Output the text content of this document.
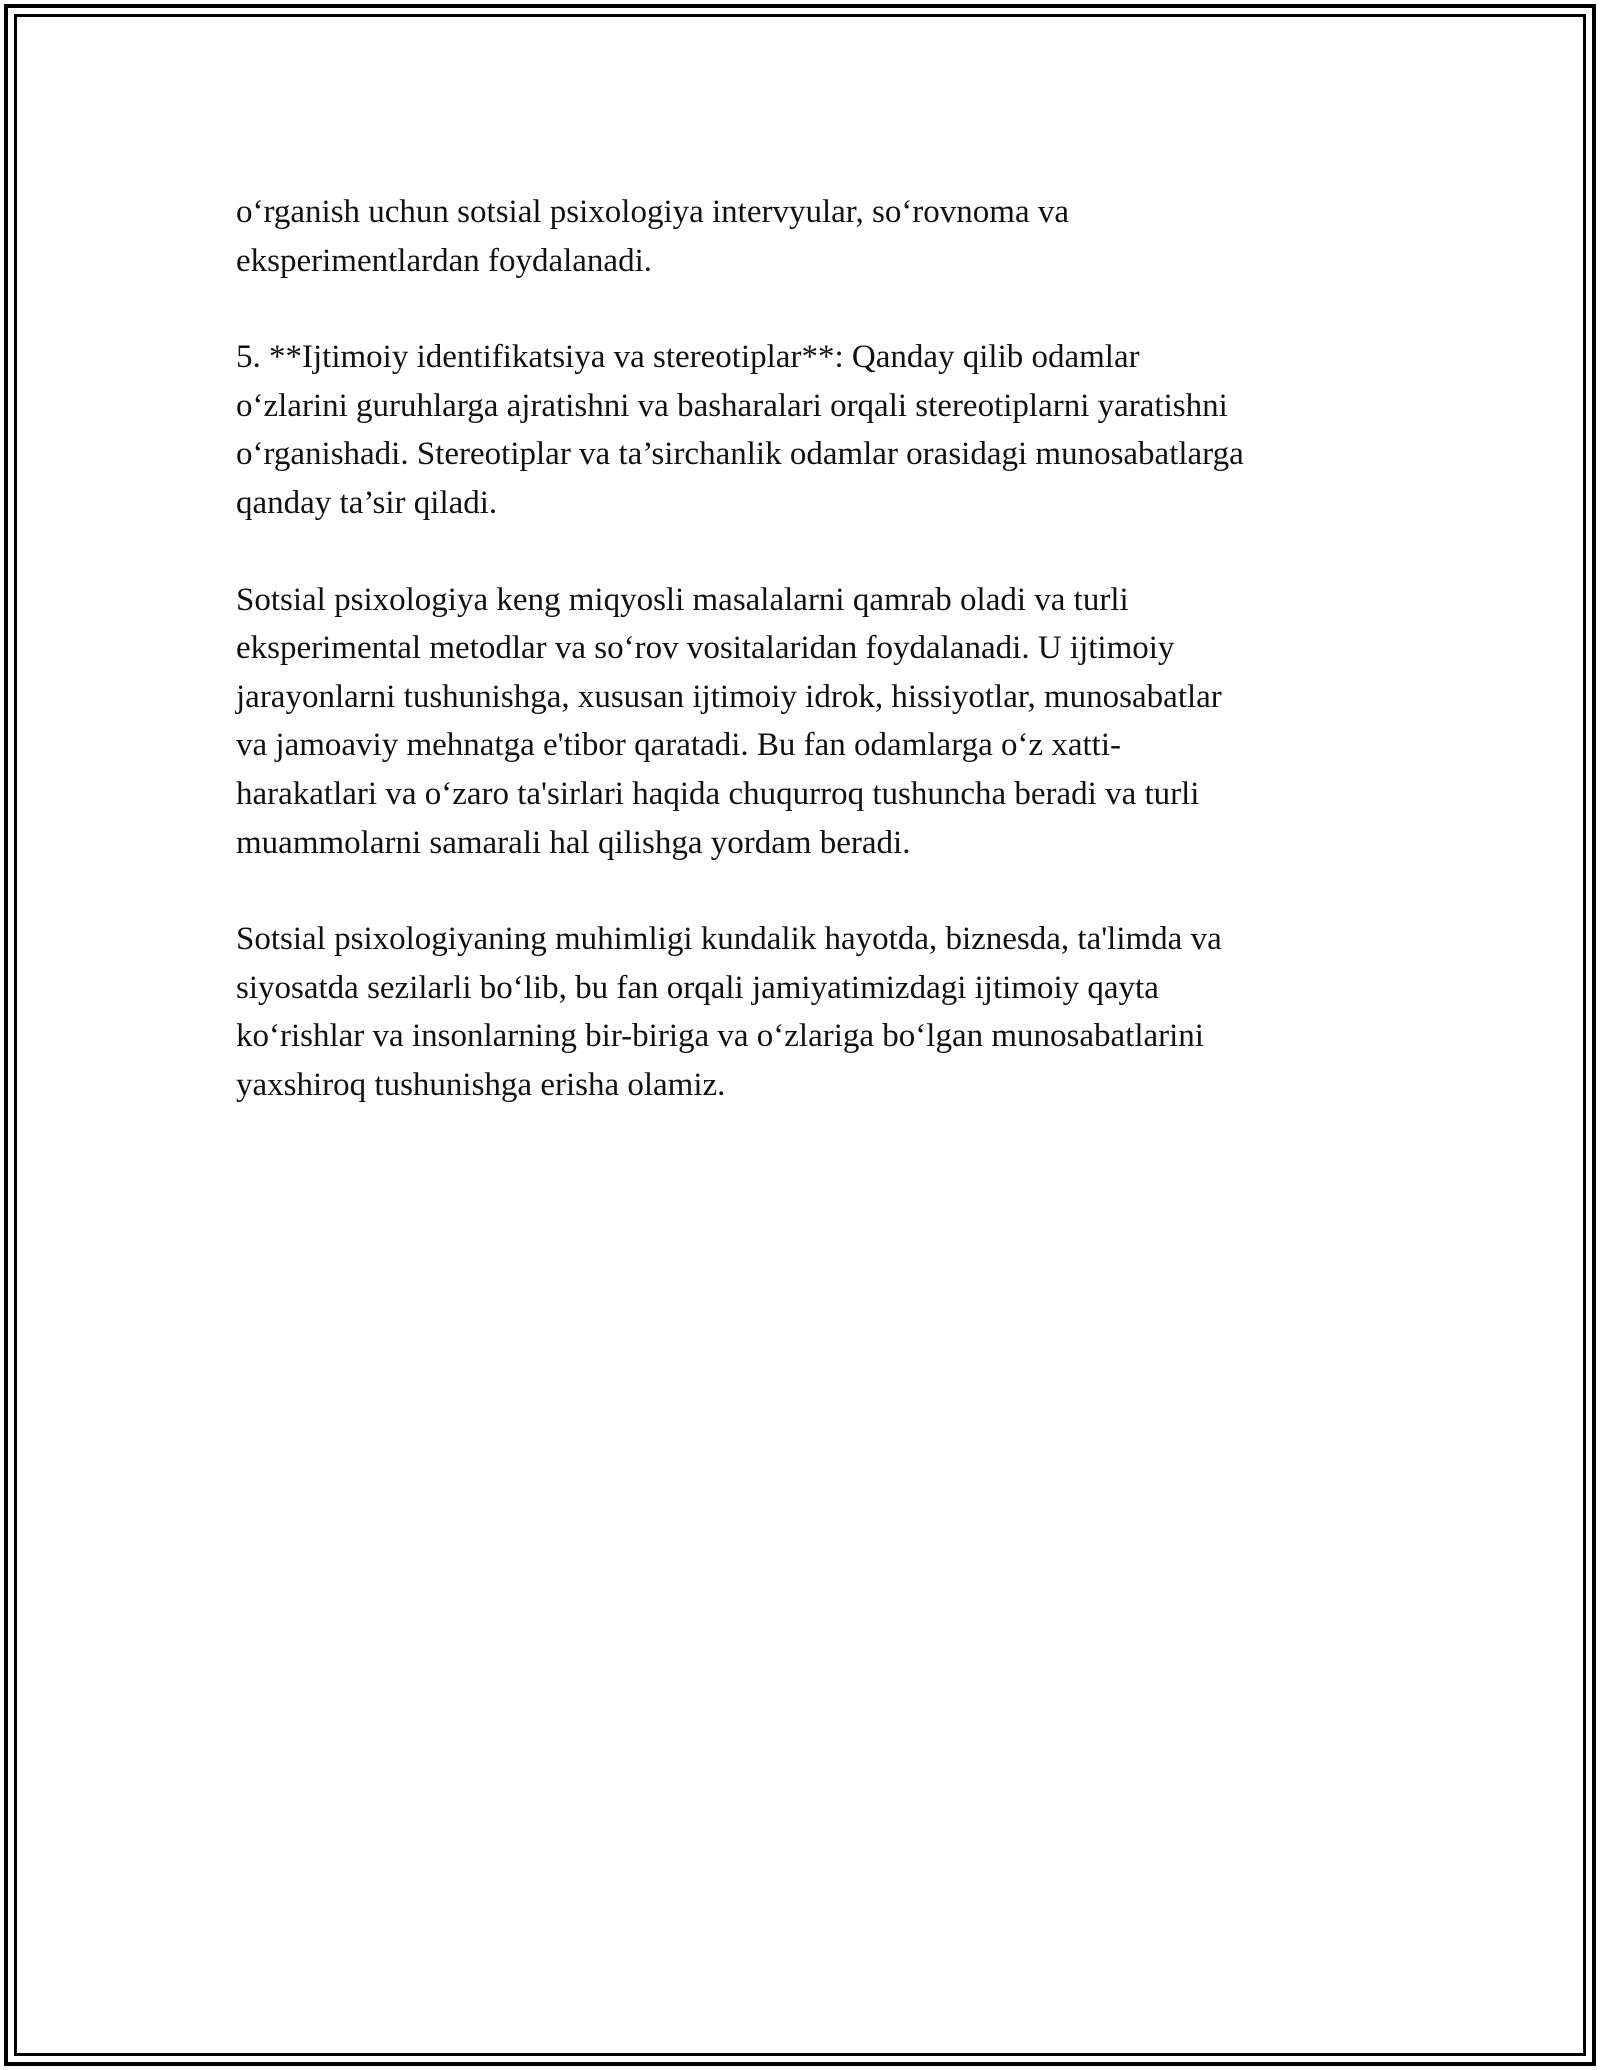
o‘rganish uchun sotsial psixologiya intervyular, so‘rovnoma va
eksperimentlardan foydalanadi.

5. **Ijtimoiy identifikatsiya va stereotiplar**: Qanday qilib odamlar
o‘zlarini guruhlarga ajratishni va basharalari orqali stereotiplarni yaratishni
o‘rganishadi. Stereotiplar va ta’sirchanlik odamlar orasidagi munosabatlarga
qanday ta’sir qiladi.

Sotsial psixologiya keng miqyosli masalalarni qamrab oladi va turli
eksperimental metodlar va so‘rov vositalaridan foydalanadi. U ijtimoiy
jarayonlarni tushunishga, xususan ijtimoiy idrok, hissiyotlar, munosabatlar
va jamoaviy mehnatga e'tibor qaratadi. Bu fan odamlarga o‘z xatti-
harakatlari va o‘zaro ta'sirlari haqida chuqurroq tushuncha beradi va turli
muammolarni samarali hal qilishga yordam beradi.

Sotsial psixologiyaning muhimligi kundalik hayotda, biznesda, ta'limda va
siyosatda sezilarli bo‘lib, bu fan orqali jamiyatimizdagi ijtimoiy qayta
ko‘rishlar va insonlarning bir-biriga va o‘zlariga bo‘lgan munosabatlarini
yaxshiroq tushunishga erisha olamiz.
